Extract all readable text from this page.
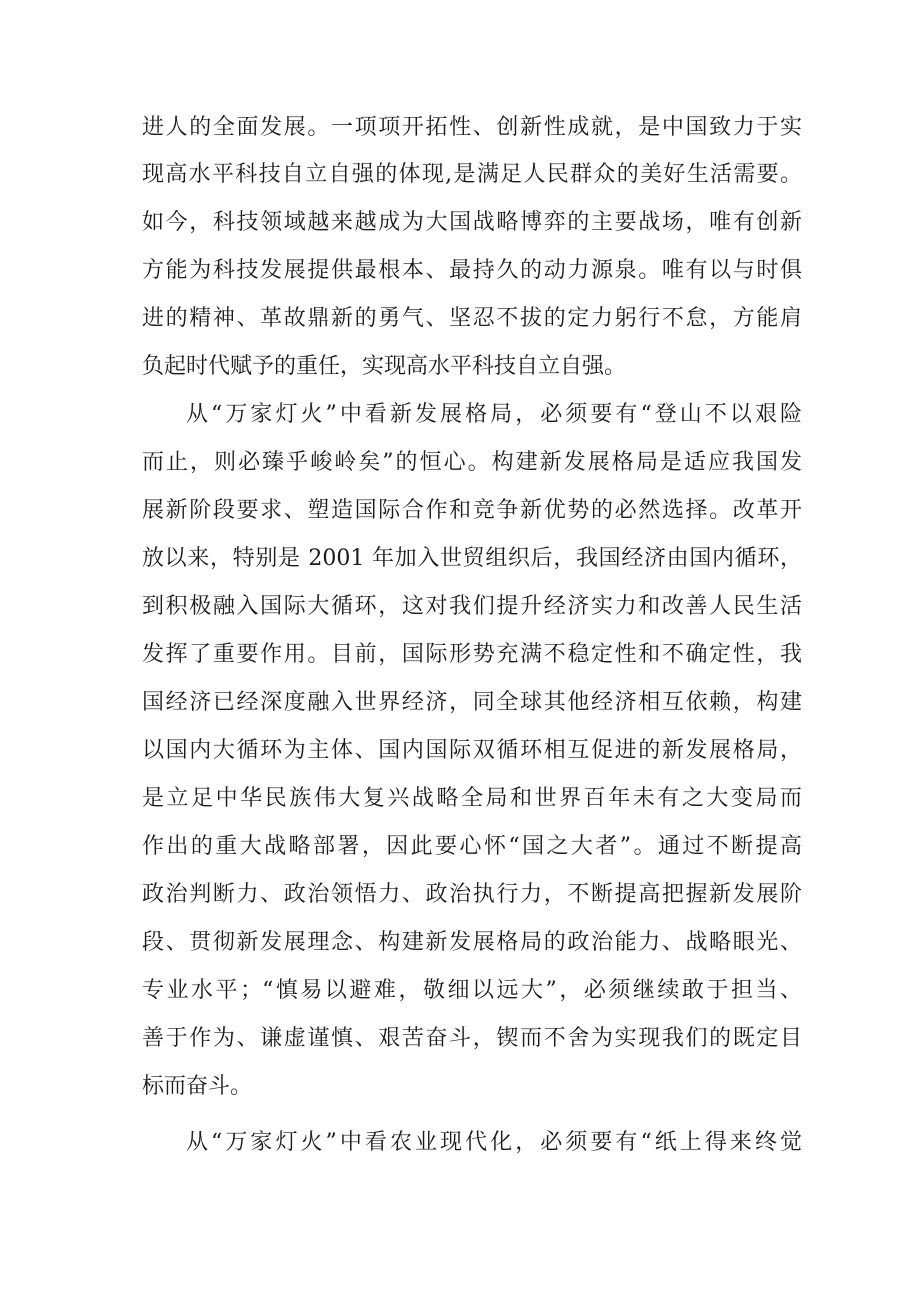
进人的全面发展。一项项开拓性、创新性成就，是中国致力于实
现高水平科技自立自强的体现,是满足人民群众的美好生活需要。
如今，科技领域越来越成为大国战略博弈的主要战场，唯有创新
方能为科技发展提供最根本、最持久的动力源泉。唯有以与时俱
进的精神、革故鼎新的勇气、坚忍不拔的定力躬行不怠，方能肩
负起时代赋予的重任，实现高水平科技自立自强。
从“万家灯火”中看新发展格局，必须要有“登山不以艰险
而止，则必臻乎峻岭矣”的恒心。构建新发展格局是适应我国发
展新阶段要求、塑造国际合作和竞争新优势的必然选择。改革开
放以来，特别是 2001 年加入世贸组织后，我国经济由国内循环，
到积极融入国际大循环，这对我们提升经济实力和改善人民生活
发挥了重要作用。目前，国际形势充满不稳定性和不确定性，我
国经济已经深度融入世界经济，同全球其他经济相互依赖，构建
以国内大循环为主体、国内国际双循环相互促进的新发展格局，
是立足中华民族伟大复兴战略全局和世界百年未有之大变局而
作出的重大战略部署，因此要心怀“国之大者”。通过不断提高
政治判断力、政治领悟力、政治执行力，不断提高把握新发展阶
段、贯彻新发展理念、构建新发展格局的政治能力、战略眼光、
专业水平；“慎易以避难，敬细以远大”，必须继续敢于担当、
善于作为、谦虚谨慎、艰苦奋斗，锲而不舍为实现我们的既定目
标而奋斗。
从“万家灯火”中看农业现代化，必须要有“纸上得来终觉
